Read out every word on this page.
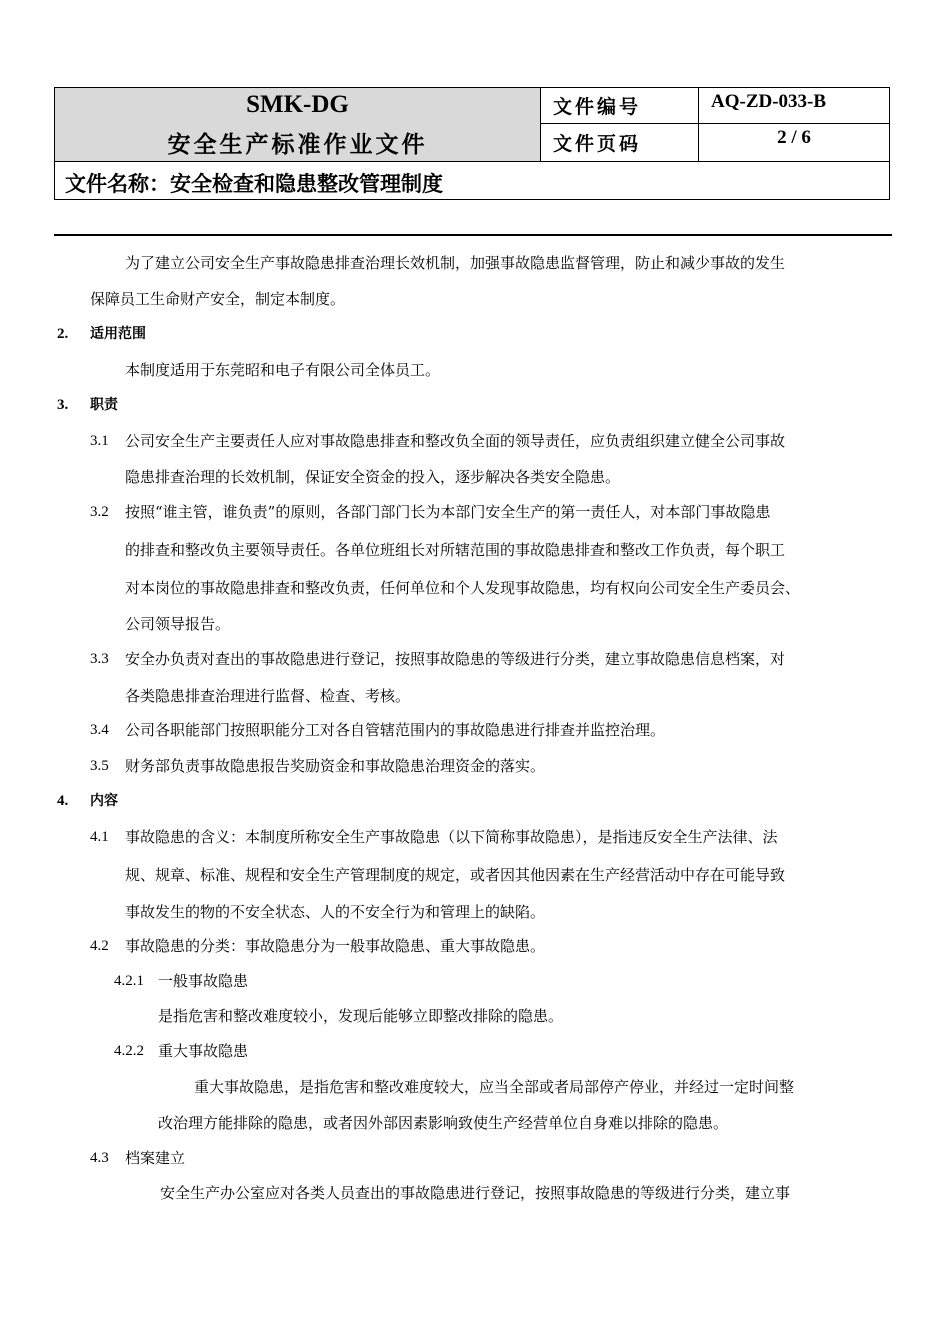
SMK-DG
安全生产标准作业文件
文件编号	AQ-ZD-033-B
文件页码	2 / 6
文件名称：安全检查和隐患整改管理制度
为了建立公司安全生产事故隐患排查治理长效机制，加强事故隐患监督管理，防止和减少事故的发生
保障员工生命财产安全，制定本制度。
2. 适用范围
本制度适用于东莞昭和电子有限公司全体员工。
3. 职责
3.1 公司安全生产主要责任人应对事故隐患排查和整改负全面的领导责任，应负责组织建立健全公司事故
隐患排查治理的长效机制，保证安全资金的投入，逐步解决各类安全隐患。
3.2 按照“谁主管，谁负责”的原则，各部门部门长为本部门安全生产的第一责任人，对本部门事故隐患
的排查和整改负主要领导责任。各单位班组长对所辖范围的事故隐患排查和整改工作负责，每个职工
对本岗位的事故隐患排查和整改负责，任何单位和个人发现事故隐患，均有权向公司安全生产委员会、
公司领导报告。
3.3 安全办负责对查出的事故隐患进行登记，按照事故隐患的等级进行分类，建立事故隐患信息档案，对
各类隐患排查治理进行监督、检查、考核。
3.4 公司各职能部门按照职能分工对各自管辖范围内的事故隐患进行排查并监控治理。
3.5 财务部负责事故隐患报告奖励资金和事故隐患治理资金的落实。
4. 内容
4.1 事故隐患的含义：本制度所称安全生产事故隐患（以下简称事故隐患），是指违反安全生产法律、法
规、规章、标准、规程和安全生产管理制度的规定，或者因其他因素在生产经营活动中存在可能导致
事故发生的物的不安全状态、人的不安全行为和管理上的缺陷。
4.2 事故隐患的分类：事故隐患分为一般事故隐患、重大事故隐患。
4.2.1 一般事故隐患
是指危害和整改难度较小，发现后能够立即整改排除的隐患。
4.2.2 重大事故隐患
重大事故隐患，是指危害和整改难度较大，应当全部或者局部停产停业，并经过一定时间整
改治理方能排除的隐患，或者因外部因素影响致使生产经营单位自身难以排除的隐患。
4.3 档案建立
安全生产办公室应对各类人员查出的事故隐患进行登记，按照事故隐患的等级进行分类，建立事
